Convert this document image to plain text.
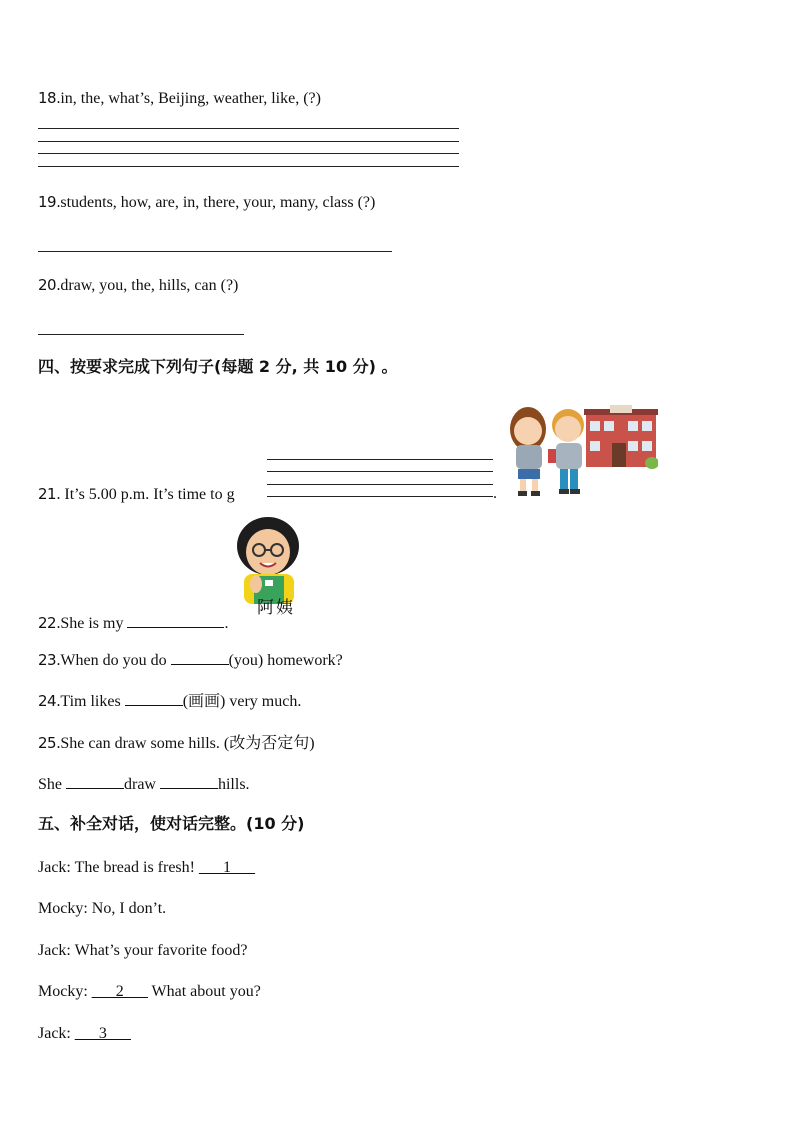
18.in, the, what’s, Beijing, weather, like, (?)
19.students, how, are, in, there, your, many, class (?)
20.draw, you, the, hills, can (?)
四、按要求完成下列句子(每题 2 分, 共 10 分) 。
21. It’s 5.00 p.m. It’s time to g	.
阿姨
22.She is my	.
23.When do you do	(you) homework?
24.Tim likes	(画画) very much.
25.She can draw some hills. (改为否定句)
She	draw	hills.
五、补全对话，使对话完整。(10 分)
Jack: The bread is fresh! ___1___
Mocky: No, I don’t.
Jack: What’s your favorite food?
Mocky: ___2___ What about you?
Jack: ___3___
